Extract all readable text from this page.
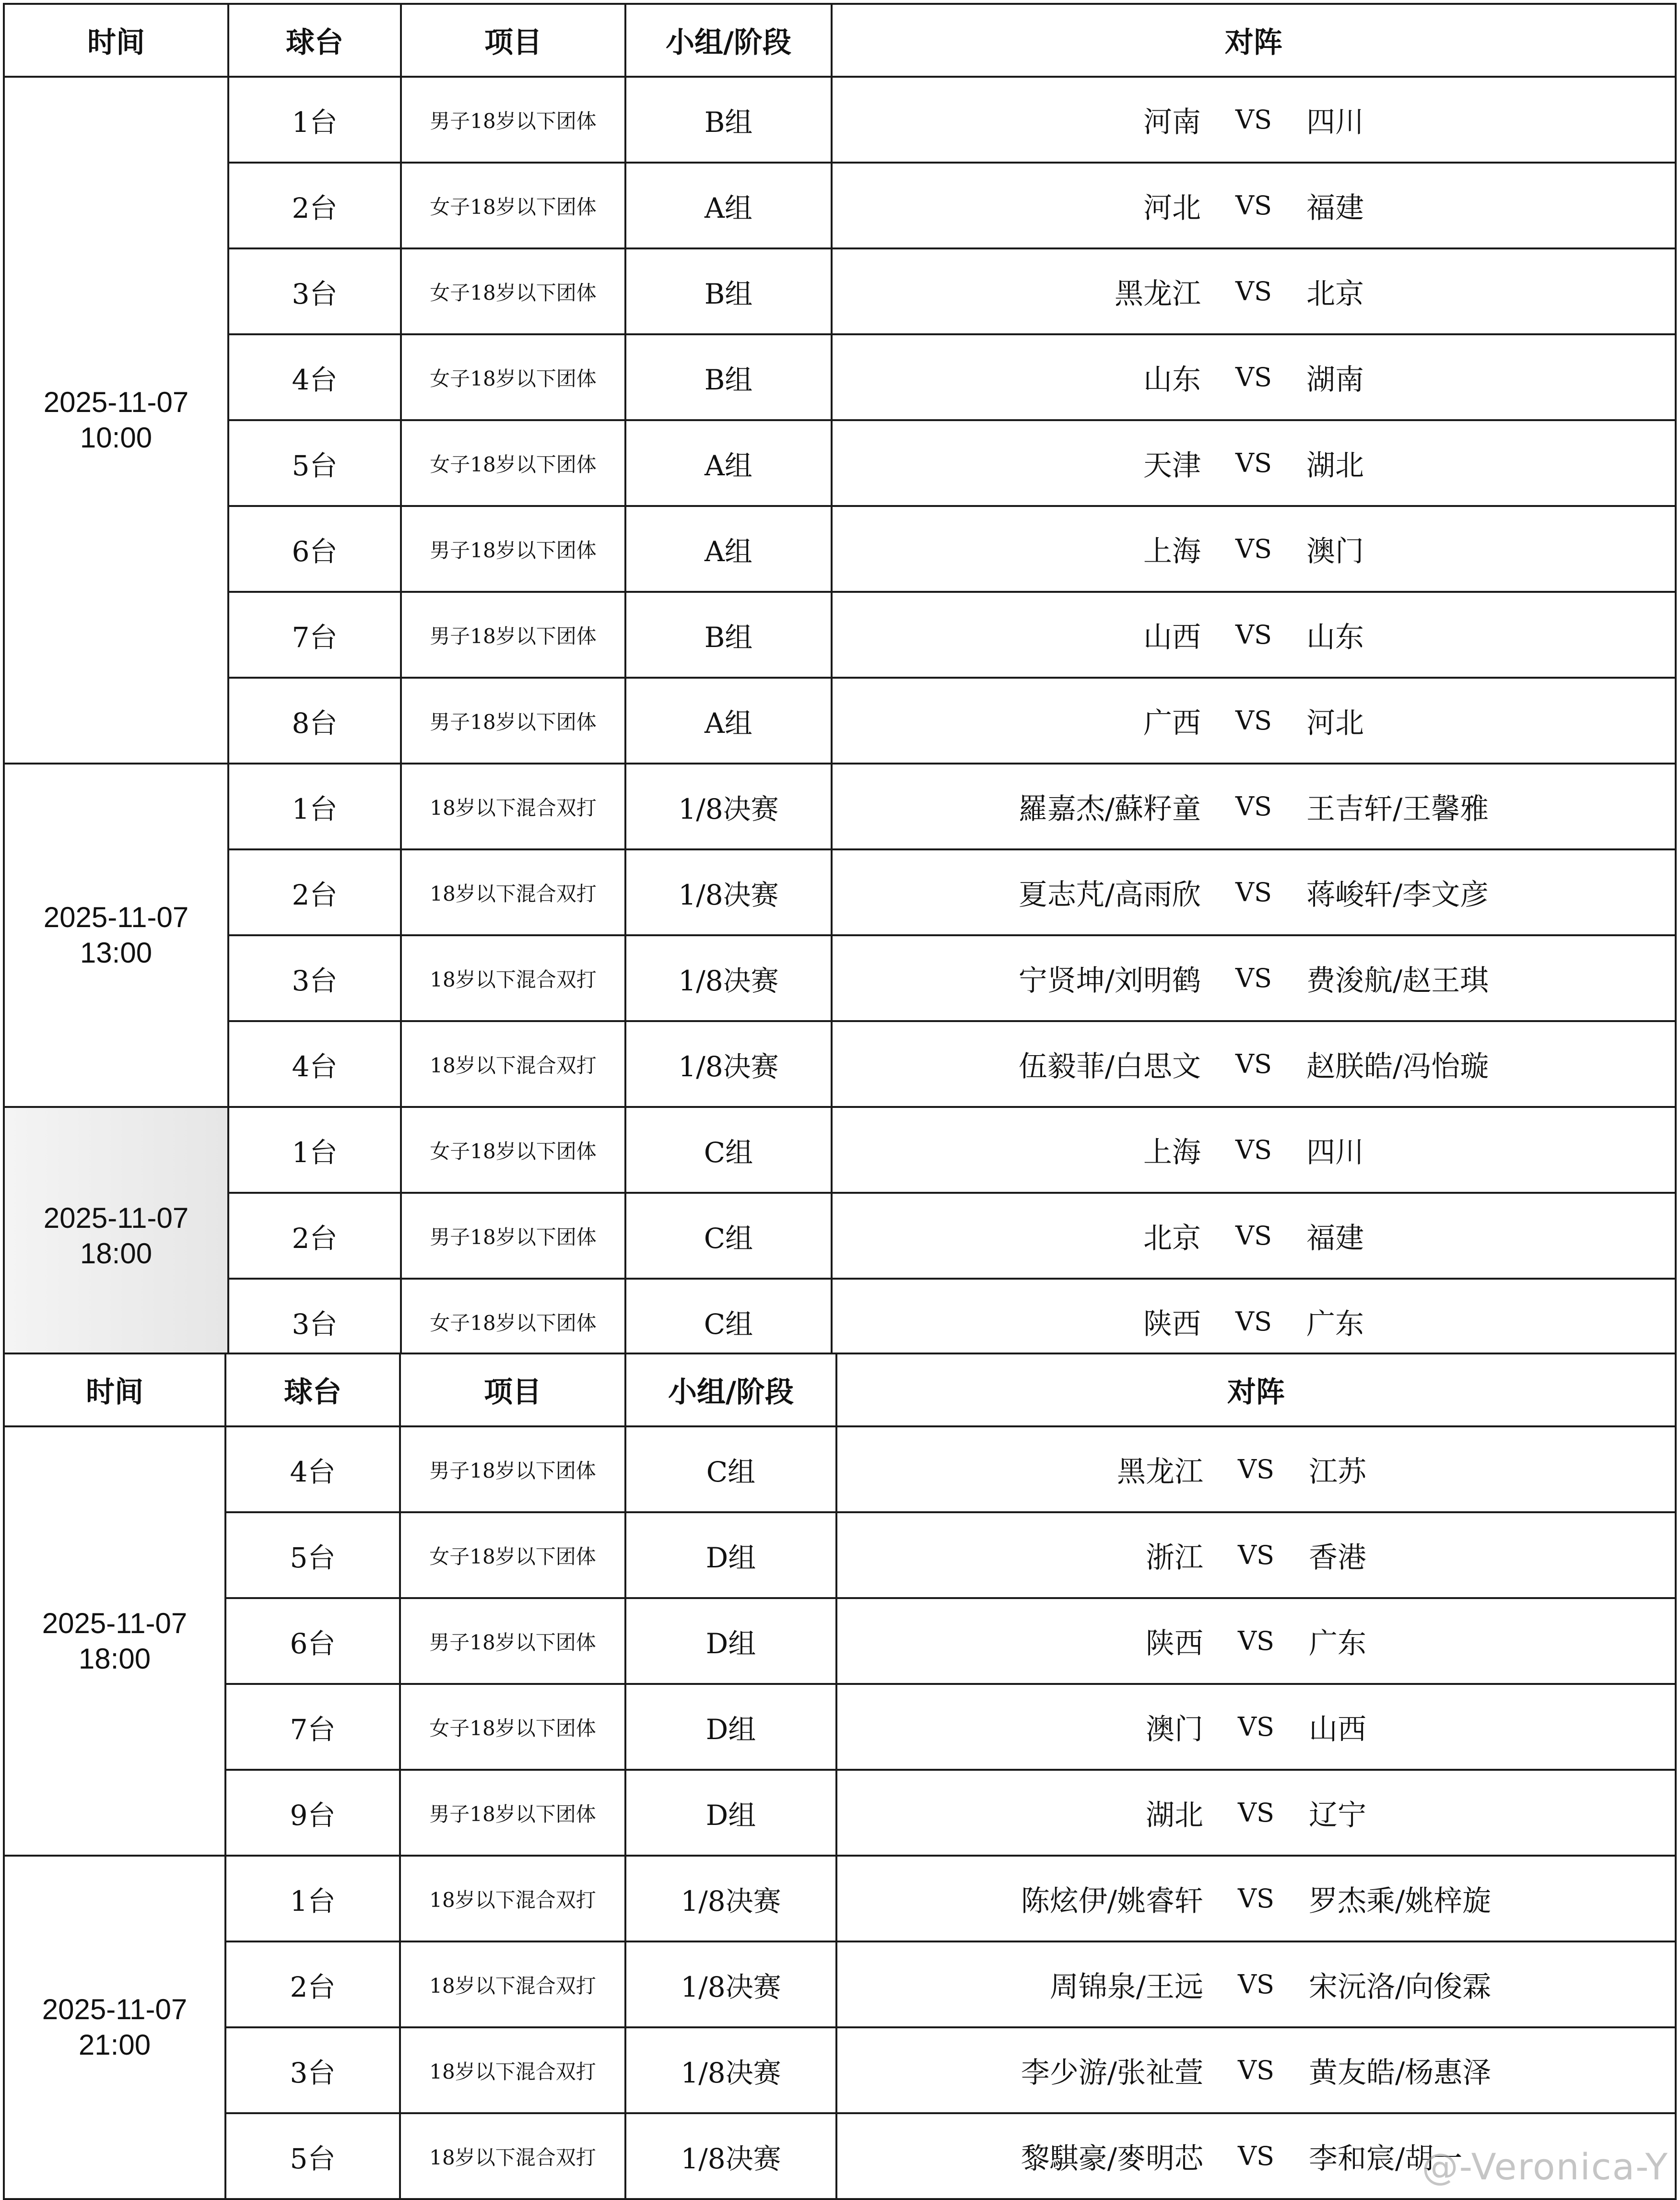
时间	球台	项目	小组/阶段	对阵
2025-11-07
10:00	1台	男子18岁以下团体	B组	河南 VS 四川

	2台	女子18岁以下团体	A组	河北 VS 福建

	3台	女子18岁以下团体	B组	黑龙江 VS 北京

	4台	女子18岁以下团体	B组	山东 VS 湖南

	5台	女子18岁以下团体	A组	天津 VS 湖北

	6台	男子18岁以下团体	A组	上海 VS 澳门

	7台	男子18岁以下团体	B组	山西 VS 山东

	8台	男子18岁以下团体	A组	广西 VS 河北

2025-11-07
13:00	1台	18岁以下混合双打	1/8决赛	羅嘉杰/蘇籽童 VS 王吉轩/王馨雅

	2台	18岁以下混合双打	1/8决赛	夏志芃/高雨欣 VS 蒋峻轩/李文彦

	3台	18岁以下混合双打	1/8决赛	宁贤坤/刘明鹤 VS 费浚航/赵王琪

	4台	18岁以下混合双打	1/8决赛	伍毅菲/白思文 VS 赵朕皓/冯怡璇

2025-11-07
18:00	1台	女子18岁以下团体	C组	上海 VS 四川

	2台	男子18岁以下团体	C组	北京 VS 福建

	3台	女子18岁以下团体	C组	陕西 VS 广东
时间	球台	项目	小组/阶段	对阵
2025-11-07
18:00	4台	男子18岁以下团体	C组	黑龙江 VS 江苏

	5台	女子18岁以下团体	D组	浙江 VS 香港

	6台	男子18岁以下团体	D组	陕西 VS 广东

	7台	女子18岁以下团体	D组	澳门 VS 山西

	9台	男子18岁以下团体	D组	湖北 VS 辽宁

2025-11-07
21:00	1台	18岁以下混合双打	1/8决赛	陈炫伊/姚睿轩 VS 罗杰乘/姚梓旋

	2台	18岁以下混合双打	1/8决赛	周锦泉/王远 VS 宋沅洛/向俊霖

	3台	18岁以下混合双打	1/8决赛	李少游/张祉萱 VS 黄友皓/杨惠泽

	5台	18岁以下混合双打	1/8决赛	黎騏豪/麥明芯 VS 李和宸/胡一
@-Veronica-Y
